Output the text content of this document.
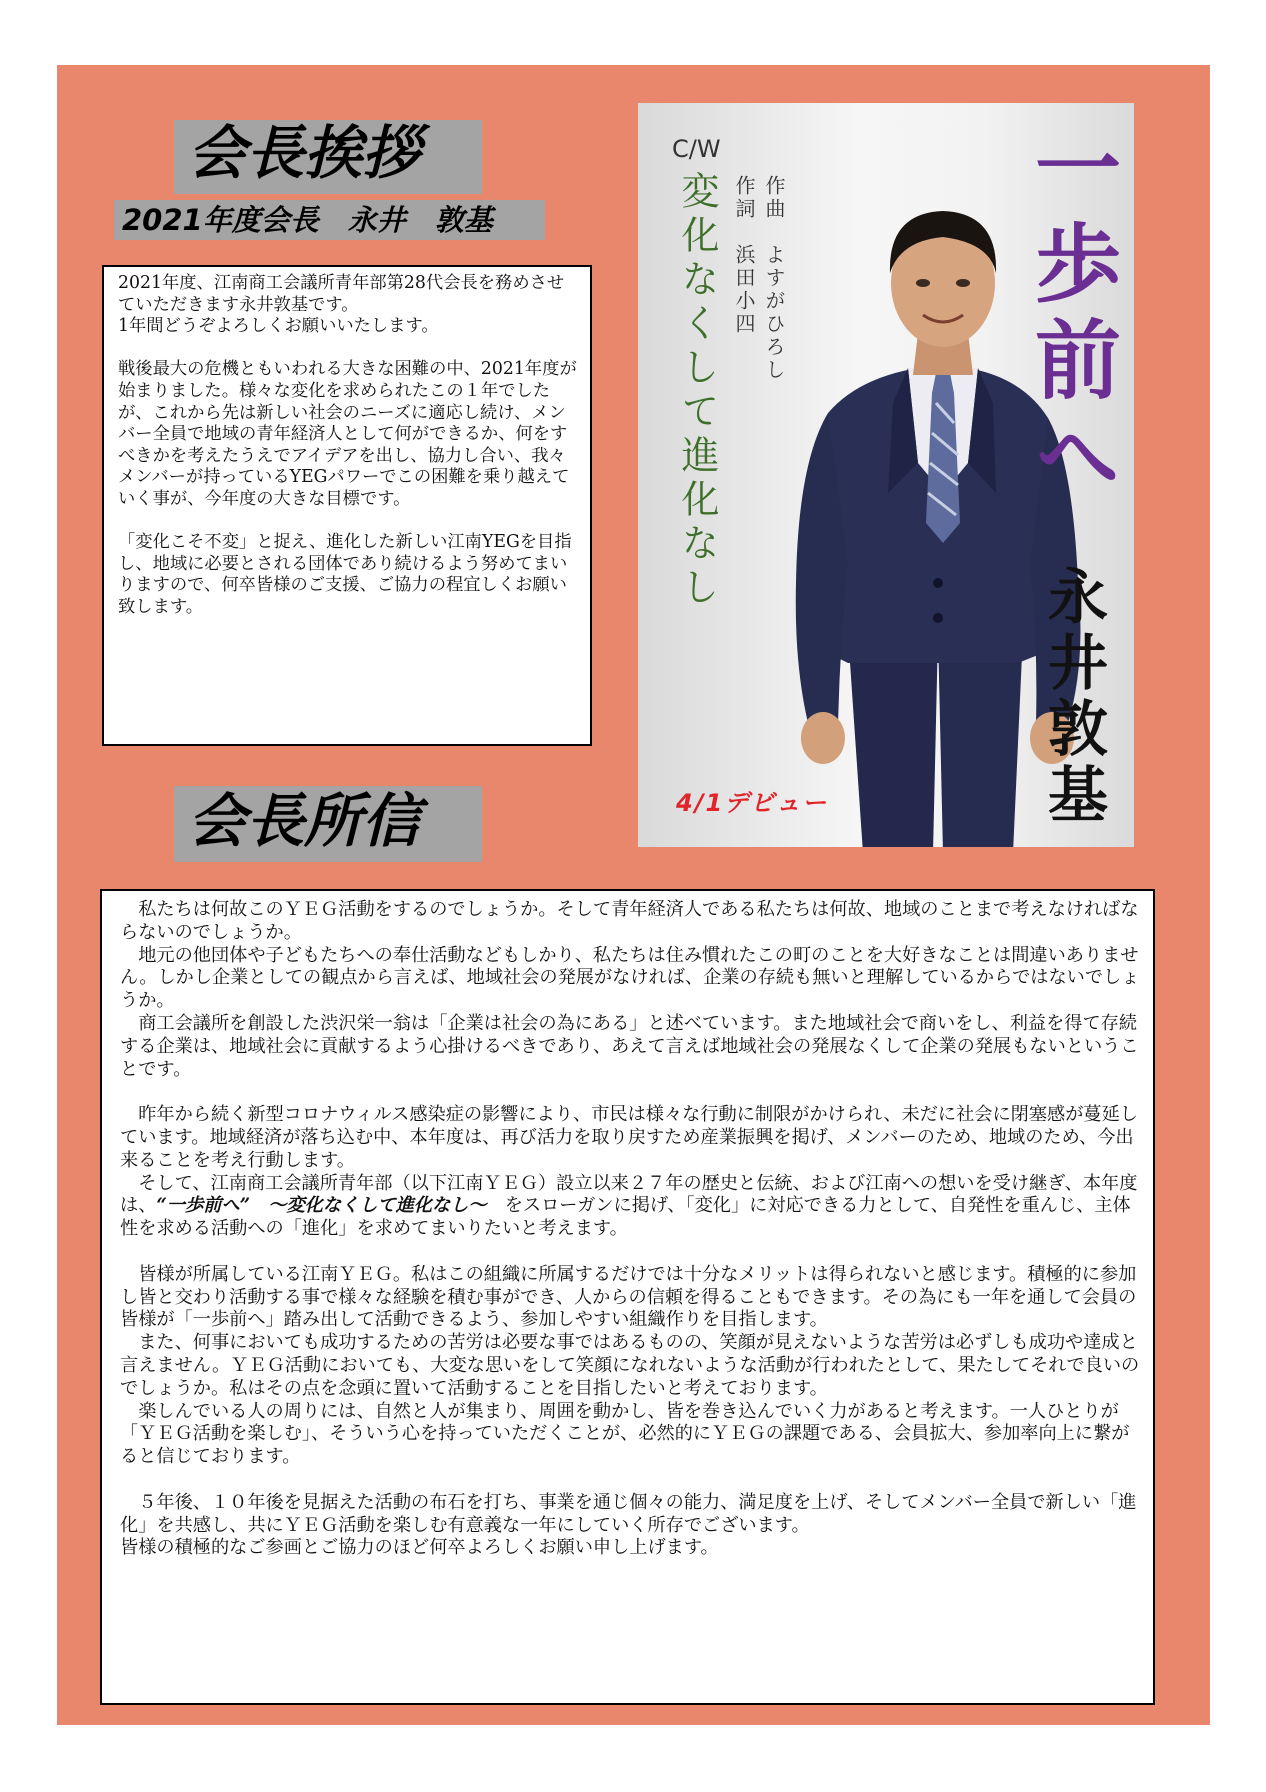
会長挨拶
2021年度会長　永井　敦基

2021年度、江南商工会議所青年部第28代会長を務めさせていただきます永井敦基です。

1年間どうぞよろしくお願いいたします。

戦後最大の危機ともいわれる大きな困難の中、2021年度が始まりました。様々な変化を求められたこの１年でしたが、これから先は新しい社会のニーズに適応し続け、メンバー全員で地域の青年経済人として何ができるか、何をすべきかを考えたうえでアイデアを出し、協力し合い、我々メンバーが持っているYEGパワーでこの困難を乗り越えていく事が、今年度の大きな目標です。

「変化こそ不変」と捉え、進化した新しい江南YEGを目指し、地域に必要とされる団体であり続けるよう努めてまいりますので、何卒皆様のご支援、ご協力の程宜しくお願い致します。

C/W
変化なくして進化なし 作詞　浜田小四 作曲　よすがひろし	一歩前へ
永井敦基
4/1デビュー
会長所信

　私たちは何故このＹＥＧ活動をするのでしょうか。そして青年経済人である私たちは何故、地域のことまで考えなければならないのでしょうか。

　地元の他団体や子どもたちへの奉仕活動などもしかり、私たちは住み慣れたこの町のことを大好きなことは間違いありません。しかし企業としての観点から言えば、地域社会の発展がなければ、企業の存続も無いと理解しているからではないでしょうか。

　商工会議所を創設した渋沢栄一翁は「企業は社会の為にある」と述べています。また地域社会で商いをし、利益を得て存続する企業は、地域社会に貢献するよう心掛けるべきであり、あえて言えば地域社会の発展なくして企業の発展もないということです。

　昨年から続く新型コロナウィルス感染症の影響により、市民は様々な行動に制限がかけられ、未だに社会に閉塞感が蔓延しています。地域経済が落ち込む中、本年度は、再び活力を取り戻すため産業振興を掲げ、メンバーのため、地域のため、今出来ることを考え行動します。

　そして、江南商工会議所青年部（以下江南ＹＥＧ）設立以来２７年の歴史と伝統、および江南への想いを受け継ぎ、本年度は、“一歩前へ”　～変化なくして進化なし～　をスローガンに掲げ、「変化」に対応できる力として、自発性を重んじ、主体性を求める活動への「進化」を求めてまいりたいと考えます。

　皆様が所属している江南ＹＥＧ。私はこの組織に所属するだけでは十分なメリットは得られないと感じます。積極的に参加し皆と交わり活動する事で様々な経験を積む事ができ、人からの信頼を得ることもできます。その為にも一年を通して会員の皆様が「一歩前へ」踏み出して活動できるよう、参加しやすい組織作りを目指します。

　また、何事においても成功するための苦労は必要な事ではあるものの、笑顔が見えないような苦労は必ずしも成功や達成と言えません。ＹＥＧ活動においても、大変な思いをして笑顔になれないような活動が行われたとして、果たしてそれで良いのでしょうか。私はその点を念頭に置いて活動することを目指したいと考えております。

　楽しんでいる人の周りには、自然と人が集まり、周囲を動かし、皆を巻き込んでいく力があると考えます。一人ひとりが「ＹＥＧ活動を楽しむ」、そういう心を持っていただくことが、必然的にＹＥＧの課題である、会員拡大、参加率向上に繋がると信じております。

　５年後、１０年後を見据えた活動の布石を打ち、事業を通じ個々の能力、満足度を上げ、そしてメンバー全員で新しい「進化」を共感し、共にＹＥＧ活動を楽しむ有意義な一年にしていく所存でございます。

皆様の積極的なご参画とご協力のほど何卒よろしくお願い申し上げます。
